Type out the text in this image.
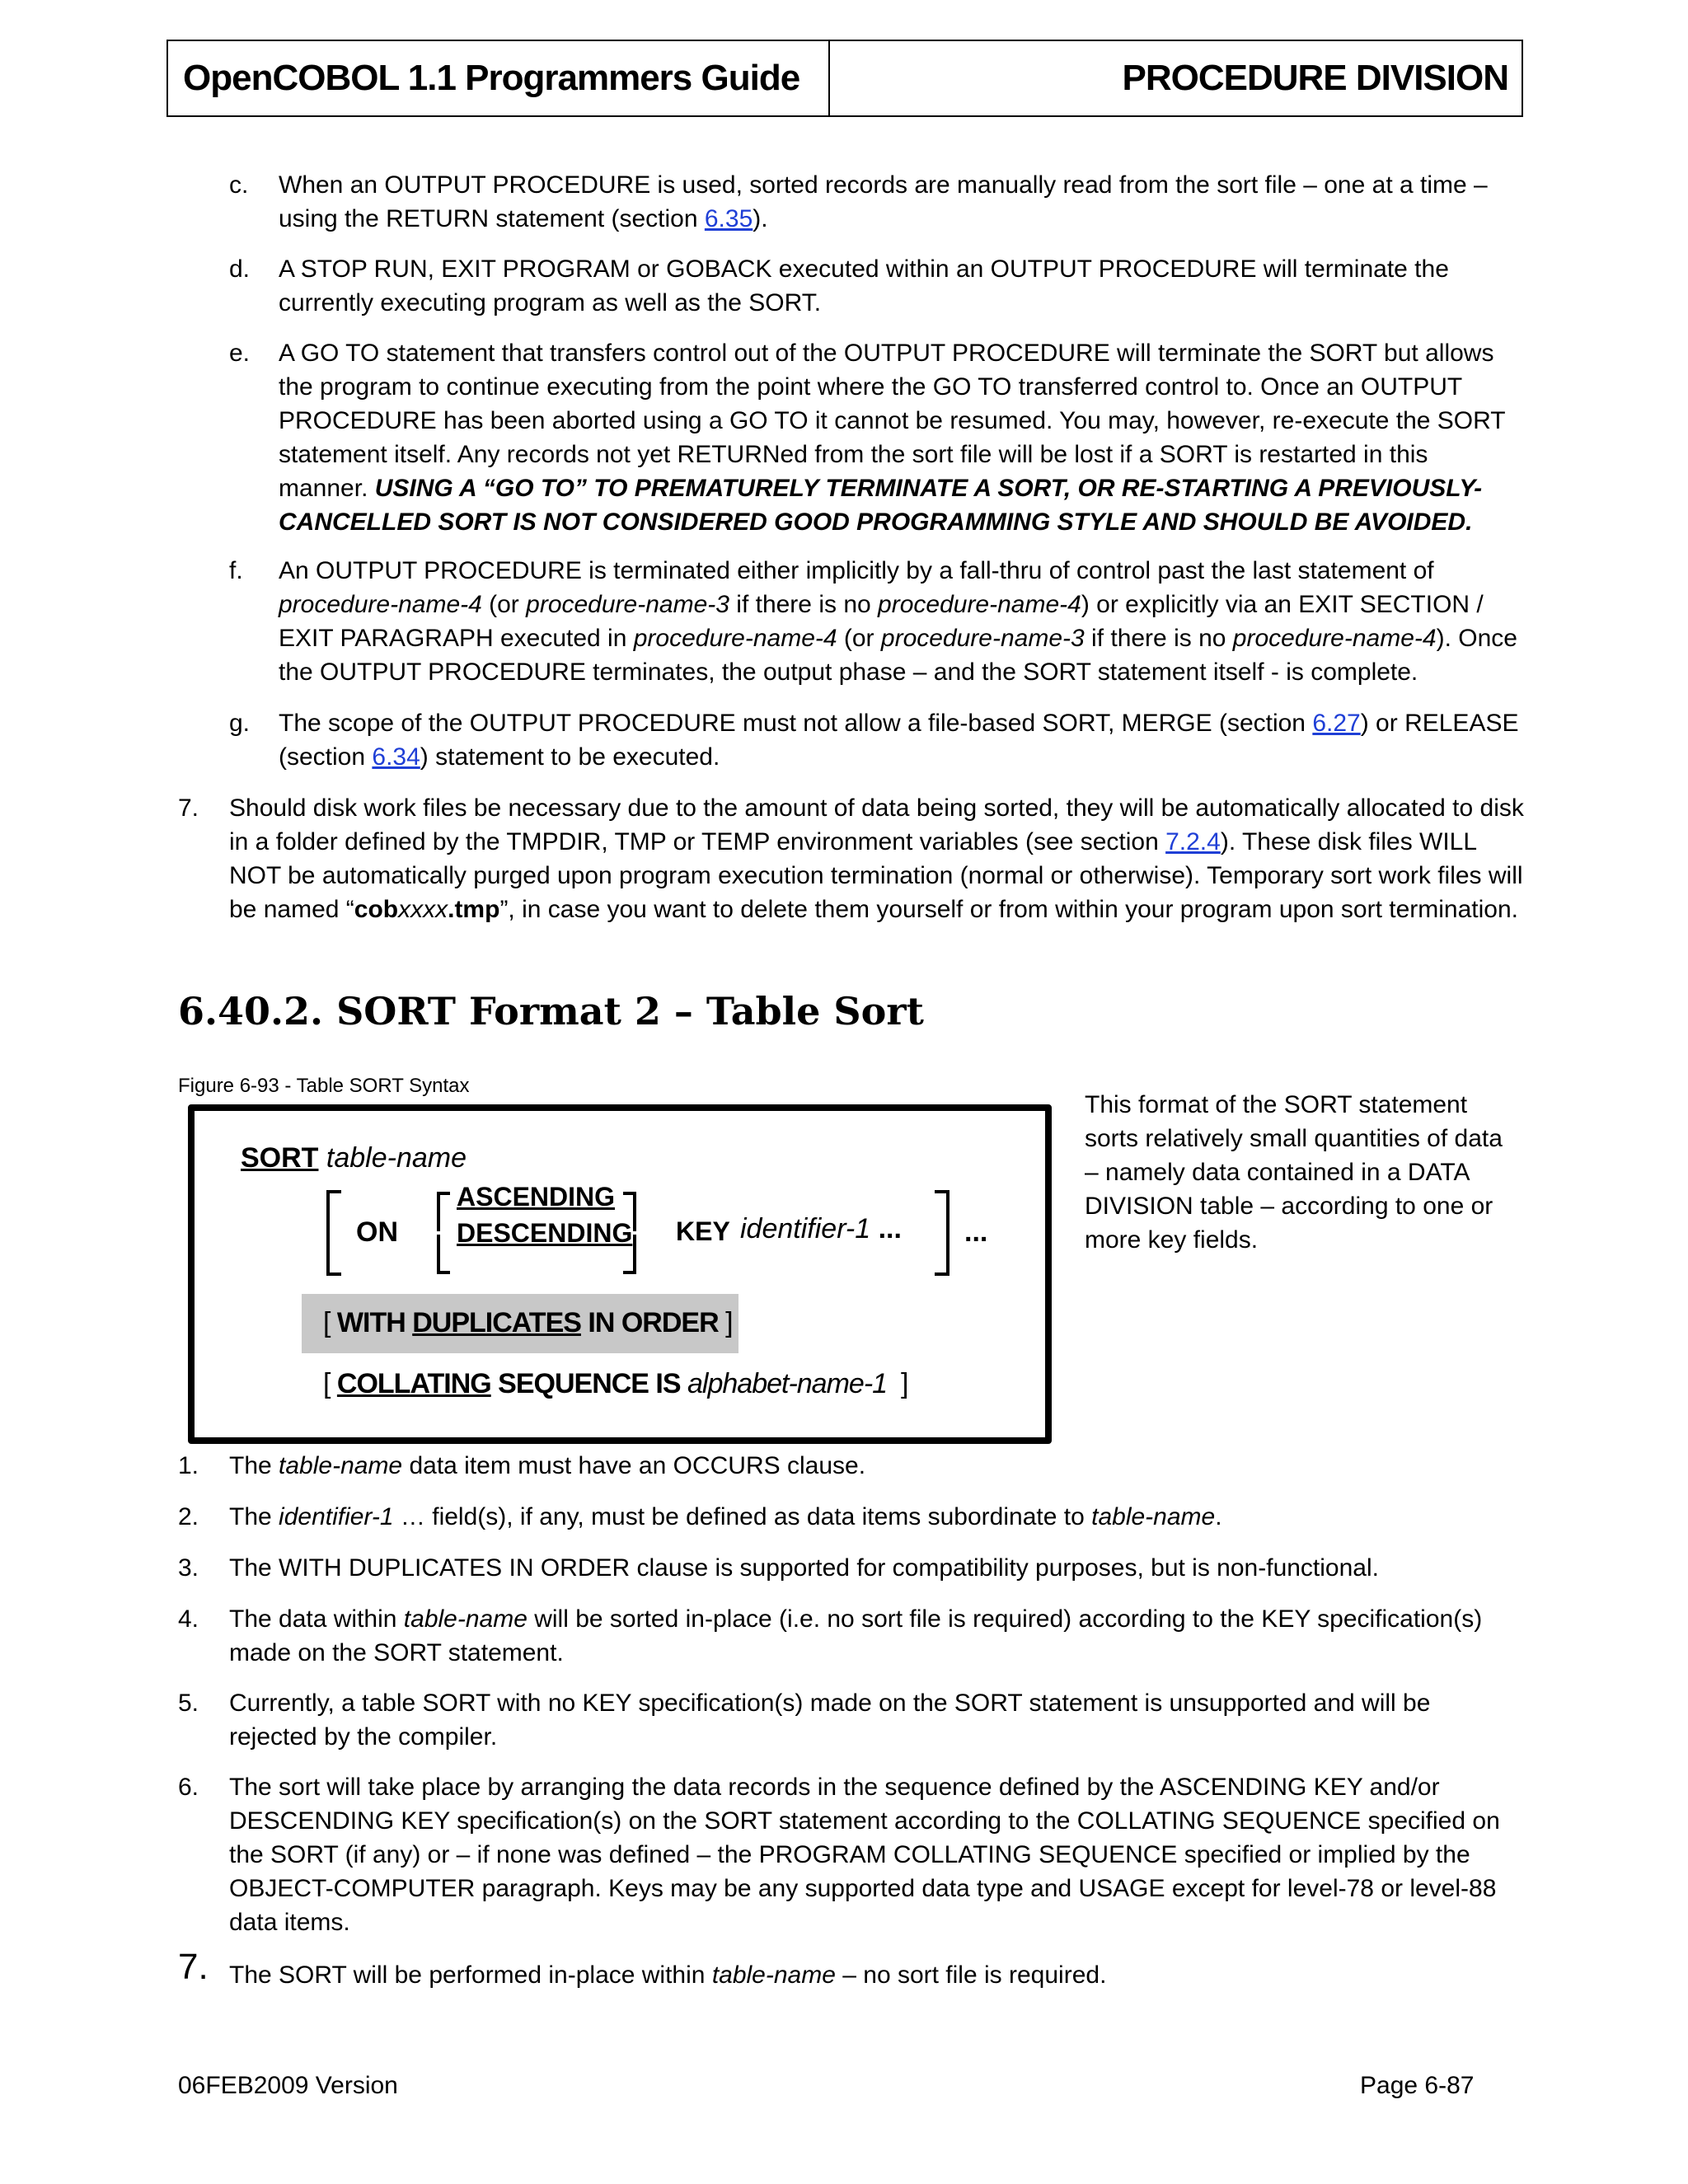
OpenCOBOL 1.1 Programmers Guide	PROCEDURE DIVISION
c. When an OUTPUT PROCEDURE is used, sorted records are manually read from the sort file – one at a time – using the RETURN statement (section 6.35).
d. A STOP RUN, EXIT PROGRAM or GOBACK executed within an OUTPUT PROCEDURE will terminate the currently executing program as well as the SORT.
e. A GO TO statement that transfers control out of the OUTPUT PROCEDURE will terminate the SORT but allows the program to continue executing from the point where the GO TO transferred control to. Once an OUTPUT PROCEDURE has been aborted using a GO TO it cannot be resumed. You may, however, re-execute the SORT statement itself. Any records not yet RETURNed from the sort file will be lost if a SORT is restarted in this manner. USING A “GO TO” TO PREMATURELY TERMINATE A SORT, OR RE-STARTING A PREVIOUSLY-CANCELLED SORT IS NOT CONSIDERED GOOD PROGRAMMING STYLE AND SHOULD BE AVOIDED.
f. An OUTPUT PROCEDURE is terminated either implicitly by a fall-thru of control past the last statement of procedure-name-4 (or procedure-name-3 if there is no procedure-name-4) or explicitly via an EXIT SECTION / EXIT PARAGRAPH executed in procedure-name-4 (or procedure-name-3 if there is no procedure-name-4). Once the OUTPUT PROCEDURE terminates, the output phase – and the SORT statement itself - is complete.
g. The scope of the OUTPUT PROCEDURE must not allow a file-based SORT, MERGE (section 6.27) or RELEASE (section 6.34) statement to be executed.
7. Should disk work files be necessary due to the amount of data being sorted, they will be automatically allocated to disk in a folder defined by the TMPDIR, TMP or TEMP environment variables (see section 7.2.4). These disk files WILL NOT be automatically purged upon program execution termination (normal or otherwise). Temporary sort work files will be named “cobxxxx.tmp”, in case you want to delete them yourself or from within your program upon sort termination.
6.40.2. SORT Format 2 – Table Sort
Figure 6-93 - Table SORT Syntax
SORT table-name
ON
ASCENDING
DESCENDING KEY identifier-1 ... ...
[ WITH DUPLICATES IN ORDER ]
[ COLLATING SEQUENCE IS alphabet-name-1 ]
This format of the SORT statement sorts relatively small quantities of data – namely data contained in a DATA DIVISION table – according to one or more key fields.
1. The table-name data item must have an OCCURS clause.
2. The identifier-1 … field(s), if any, must be defined as data items subordinate to table-name.
3. The WITH DUPLICATES IN ORDER clause is supported for compatibility purposes, but is non-functional.
4. The data within table-name will be sorted in-place (i.e. no sort file is required) according to the KEY specification(s) made on the SORT statement.
5. Currently, a table SORT with no KEY specification(s) made on the SORT statement is unsupported and will be rejected by the compiler.
6. The sort will take place by arranging the data records in the sequence defined by the ASCENDING KEY and/or DESCENDING KEY specification(s) on the SORT statement according to the COLLATING SEQUENCE specified on the SORT (if any) or – if none was defined – the PROGRAM COLLATING SEQUENCE specified or implied by the OBJECT-COMPUTER paragraph. Keys may be any supported data type and USAGE except for level-78 or level-88 data items.
7. The SORT will be performed in-place within table-name – no sort file is required.
06FEB2009 Version	Page 6-87
